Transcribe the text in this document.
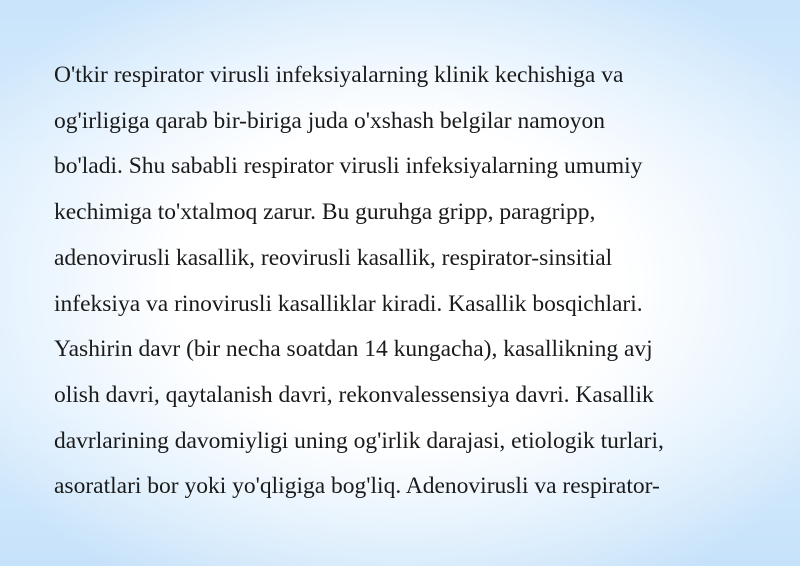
O'tkir respirator virusli infeksiyalarning klinik kechishiga va
og'irligiga qarab bir-biriga juda o'xshash belgilar namoyon
bo'ladi. Shu sababli respirator virusli infeksiyalarning umumiy
kechimiga to'xtalmoq zarur. Bu guruhga gripp, paragripp,
adenovirusli kasallik, reovirusli kasallik, respirator-sinsitial
infeksiya va rinovirusli kasalliklar kiradi. Kasallik bosqichlari.
Yashirin davr (bir necha soatdan 14 kungacha), kasallikning avj
olish davri, qaytalanish davri, rekonvalessensiya davri. Kasallik
davrlarining davomiyligi uning og'irlik darajasi, etiologik turlari,
asoratlari bor yoki yo'qligiga bog'liq. Adenovirusli va respirator-
